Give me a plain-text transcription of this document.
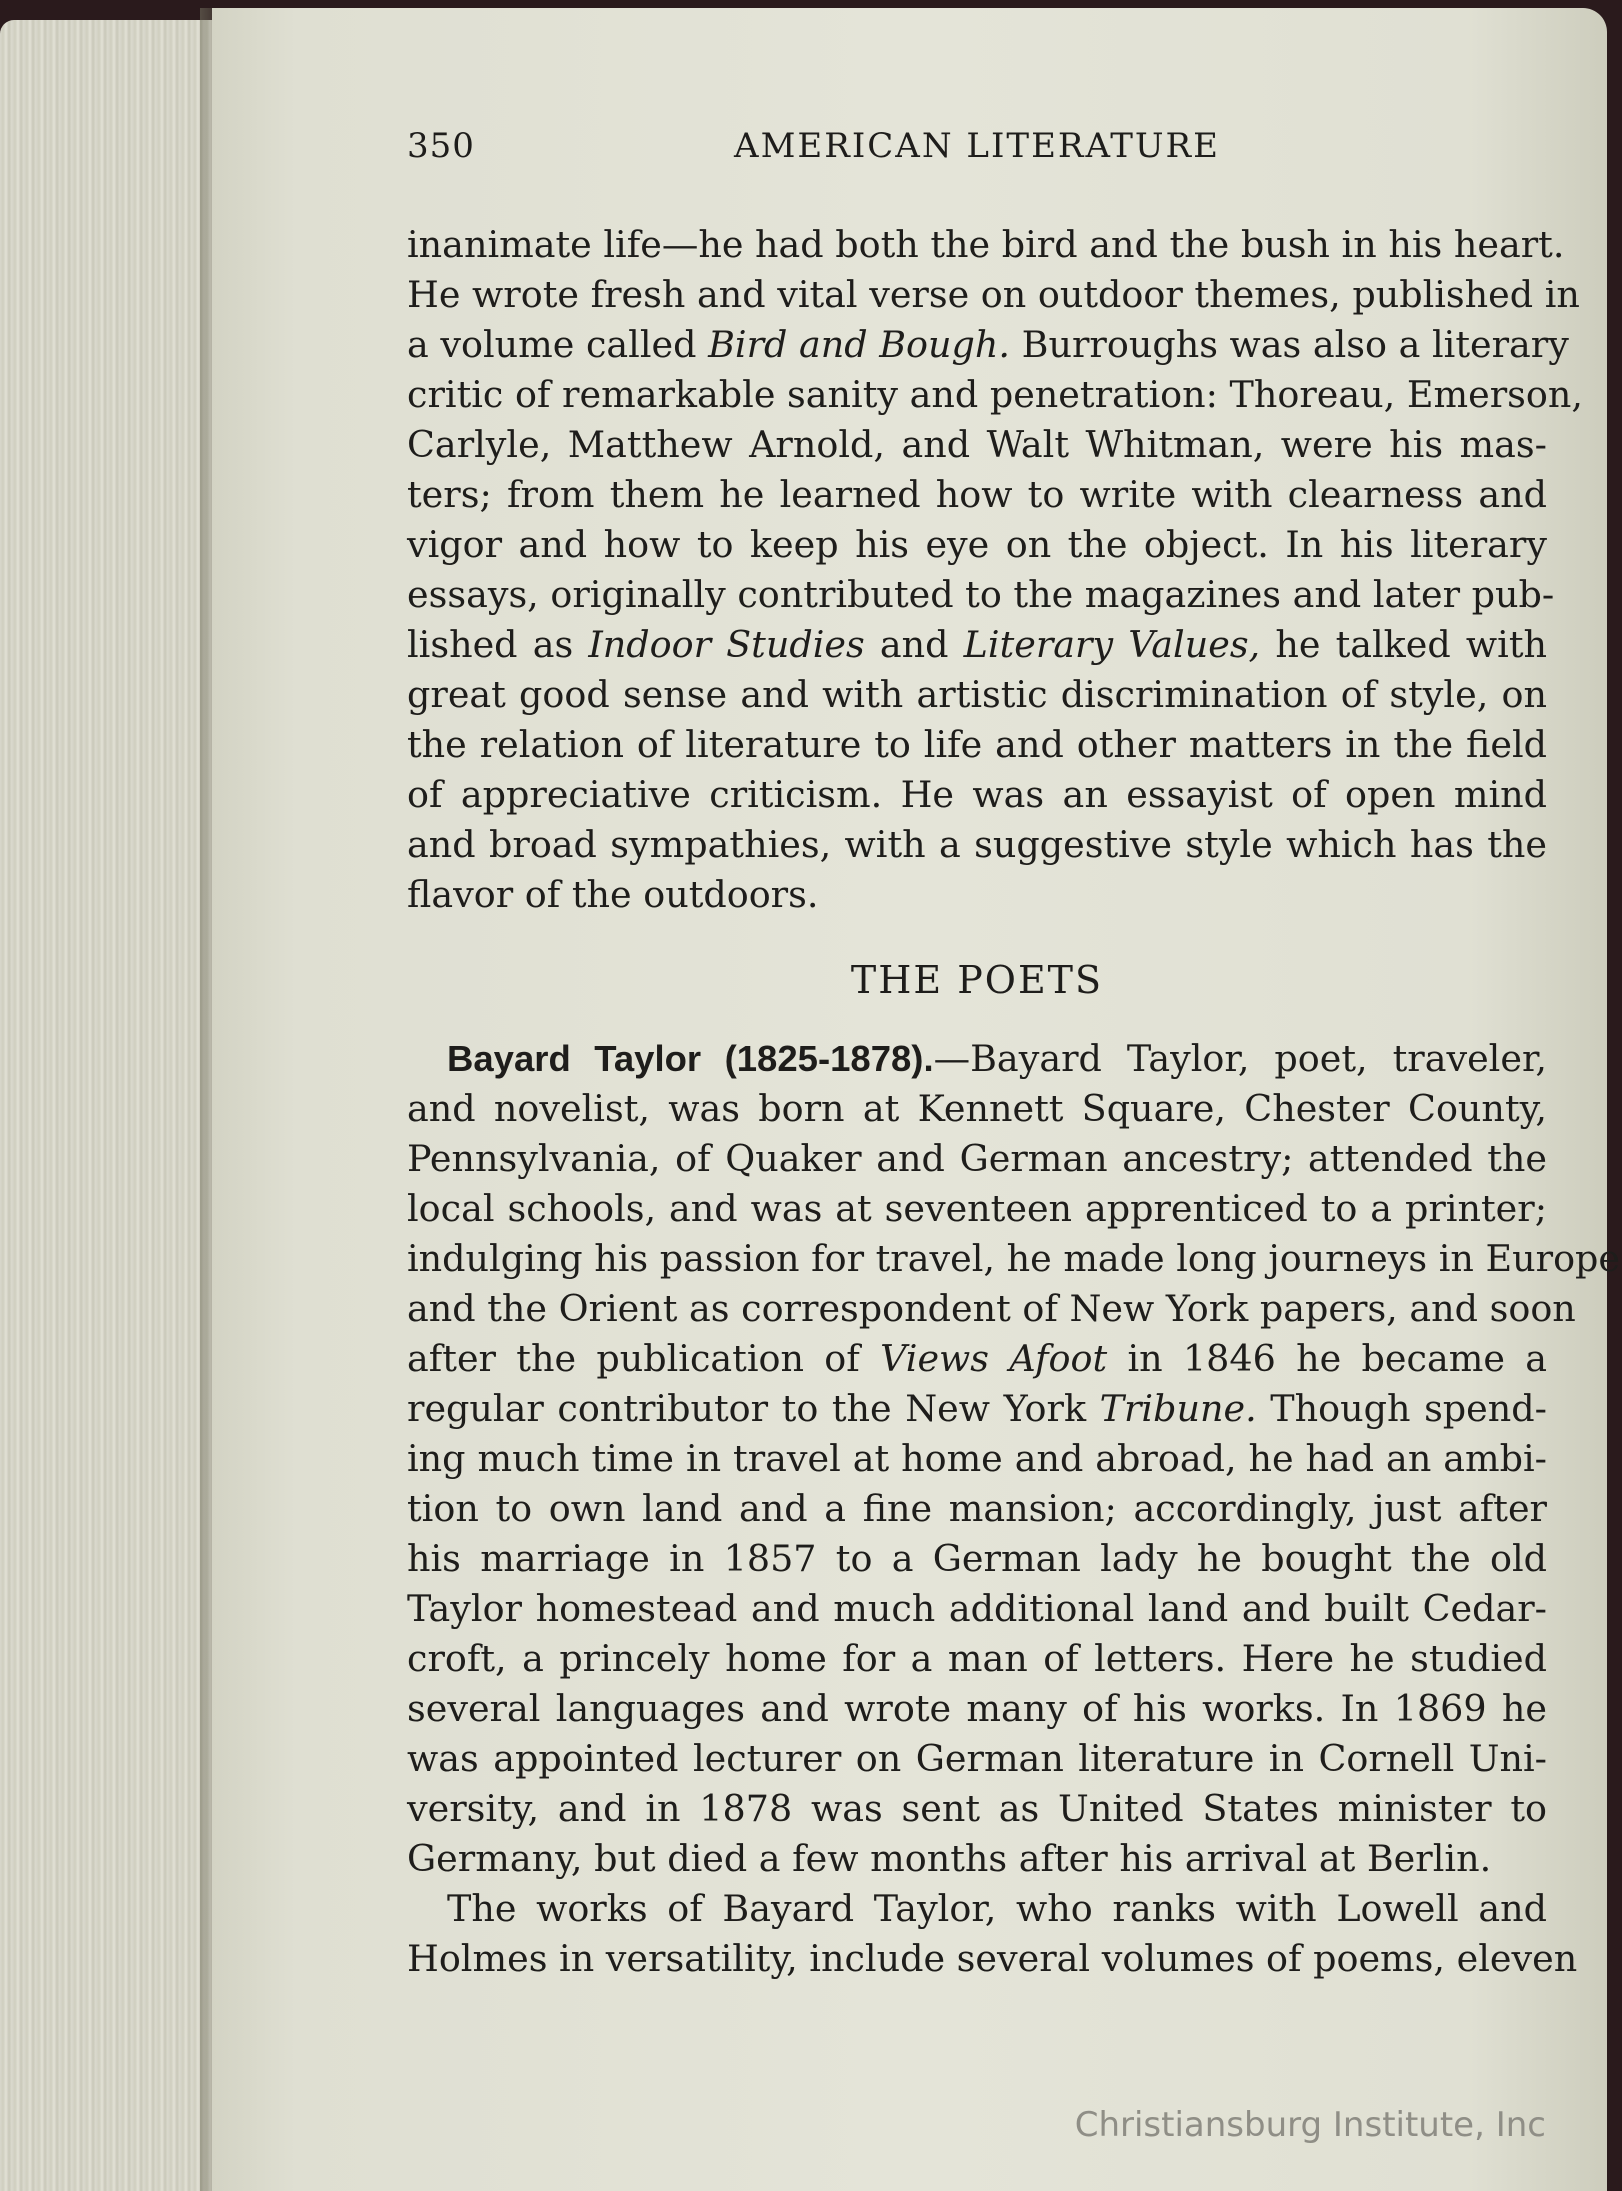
350	AMERICAN LITERATURE
inanimate life—he had both the bird and the bush in his heart.
He wrote fresh and vital verse on outdoor themes, published in
a volume called Bird and Bough. Burroughs was also a literary
critic of remarkable sanity and penetration: Thoreau, Emerson,
Carlyle, Matthew Arnold, and Walt Whitman, were his mas-
ters; from them he learned how to write with clearness and
vigor and how to keep his eye on the object. In his literary
essays, originally contributed to the magazines and later pub-
lished as Indoor Studies and Literary Values, he talked with
great good sense and with artistic discrimination of style, on
the relation of literature to life and other matters in the field
of appreciative criticism. He was an essayist of open mind
and broad sympathies, with a suggestive style which has the
flavor of the outdoors.
THE POETS
Bayard Taylor (1825-1878).—Bayard Taylor, poet, traveler,
and novelist, was born at Kennett Square, Chester County,
Pennsylvania, of Quaker and German ancestry; attended the
local schools, and was at seventeen apprenticed to a printer;
indulging his passion for travel, he made long journeys in Europe
and the Orient as correspondent of New York papers, and soon
after the publication of Views Afoot in 1846 he became a
regular contributor to the New York Tribune. Though spend-
ing much time in travel at home and abroad, he had an ambi-
tion to own land and a fine mansion; accordingly, just after
his marriage in 1857 to a German lady he bought the old
Taylor homestead and much additional land and built Cedar-
croft, a princely home for a man of letters. Here he studied
several languages and wrote many of his works. In 1869 he
was appointed lecturer on German literature in Cornell Uni-
versity, and in 1878 was sent as United States minister to
Germany, but died a few months after his arrival at Berlin.
The works of Bayard Taylor, who ranks with Lowell and
Holmes in versatility, include several volumes of poems, eleven
Christiansburg Institute, Inc
